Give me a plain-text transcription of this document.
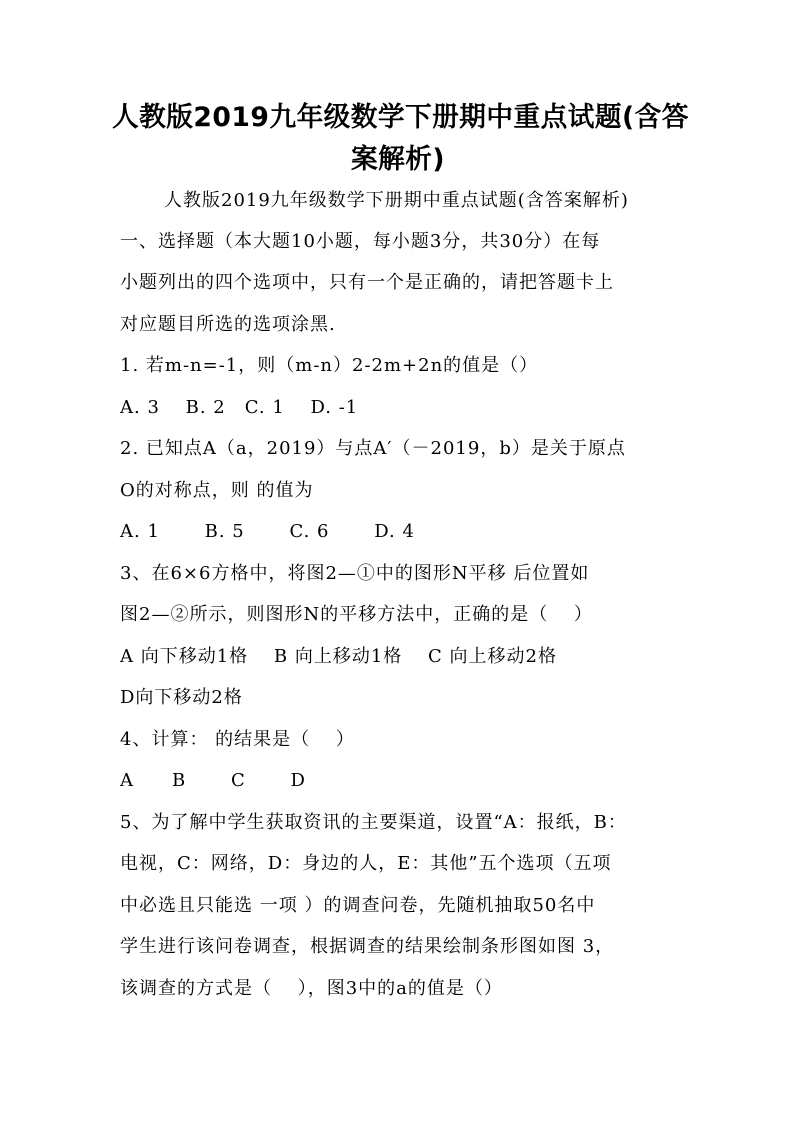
人教版2019九年级数学下册期中重点试题(含答
案解析)
人教版2019九年级数学下册期中重点试题(含答案解析)
一、选择题（本大题10小题，每小题3分，共30分）在每
小题列出的四个选项中，只有一个是正确的，请把答题卡上
对应题目所选的选项涂黑.
1. 若m-n=-1，则（m-n）2-2m+2n的值是（）
A. 3　 B. 2　C. 1　 D. -1
2. 已知点A（a，2019）与点A′（－2019，b）是关于原点
O的对称点，则 的值为
A. 1　　 B. 5　　 C. 6　　 D. 4
3、在6×6方格中，将图2—①中的图形N平移 后位置如
图2—②所示，则图形N的平移方法中，正确的是（　 ）
A 向下移动1格　 B 向上移动1格　 C 向上移动2格
D向下移动2格
4、计算： 的结果是（　 ）
A　　B　　 C　　 D
5、为了解中学生获取资讯的主要渠道，设置“A：报纸，B：
电视，C：网络，D：身边的人，E：其他”五个选项（五项
中必选且只能选 一项 ）的调查问卷，先随机抽取50名中
学生进行该问卷调查，根据调查的结果绘制条形图如图 3，
该调查的方式是（　 ），图3中的a的值是（）
